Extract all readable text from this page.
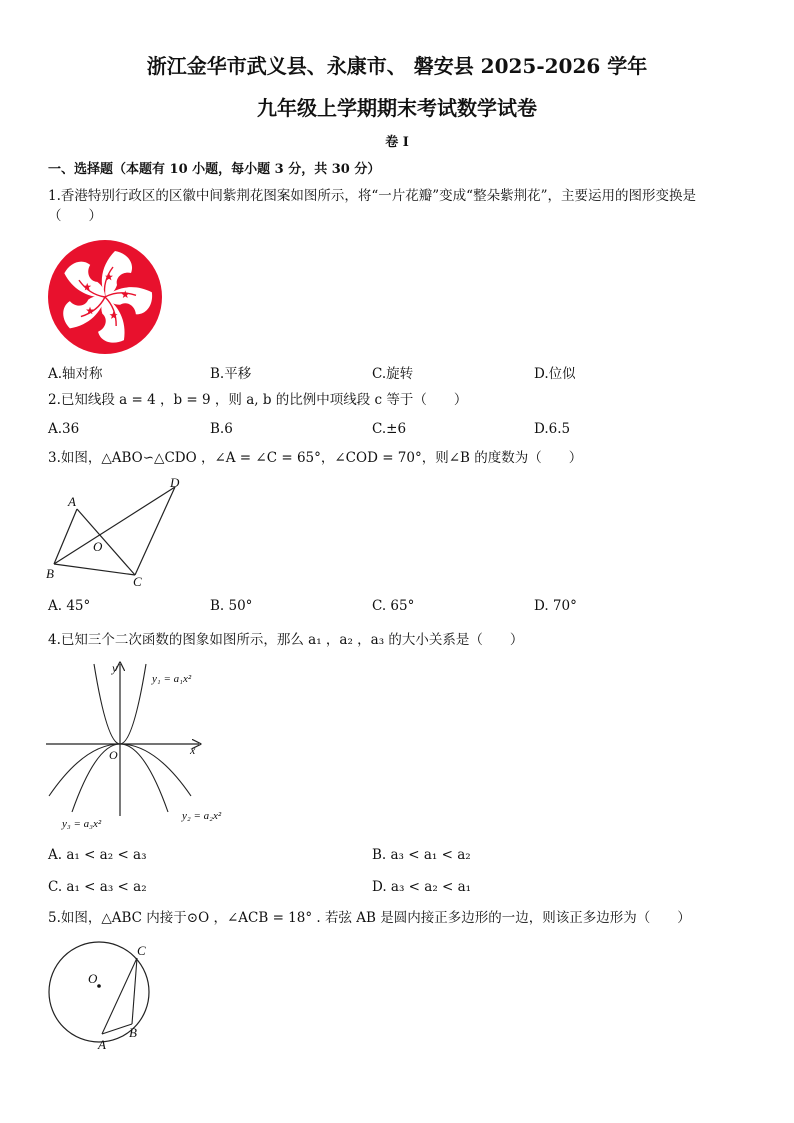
浙江金华市武义县、永康市、 磐安县 2025-2026 学年
九年级上学期期末考试数学试卷
卷 I
一、选择题（本题有 10 小题，每小题 3 分，共 30 分）
1.香港特别行政区的区徽中间紫荆花图案如图所示，将“一片花瓣”变成“整朵紫荆花”，主要运用的图形变换是
（　　）
A.轴对称	B.平移	C.旋转	D.位似
2.已知线段 a = 4 ，b = 9 ，则 a, b 的比例中项线段 c 等于（　　）
A.36	B.6	C.±6	D.6.5
3.如图，△ABO∽△CDO ，∠A = ∠C = 65°，∠COD = 70°，则∠B 的度数为（　　）
A
B
O
C
D
A. 45°	B. 50°	C. 65°	D. 70°
4.已知三个二次函数的图象如图所示，那么 a₁ ，a₂ ，a₃ 的大小关系是（　　）
y
x
O
y₁ = a₁x²
y₂ = a₂x²
y₃ = a₃x²
A. a₁ < a₂ < a₃	B. a₃ < a₁ < a₂
C. a₁ < a₃ < a₂	D. a₃ < a₂ < a₁
5.如图，△ABC 内接于⊙O ，∠ACB = 18° . 若弦 AB 是圆内接正多边形的一边，则该正多边形为（　　）
O
C
B
A
